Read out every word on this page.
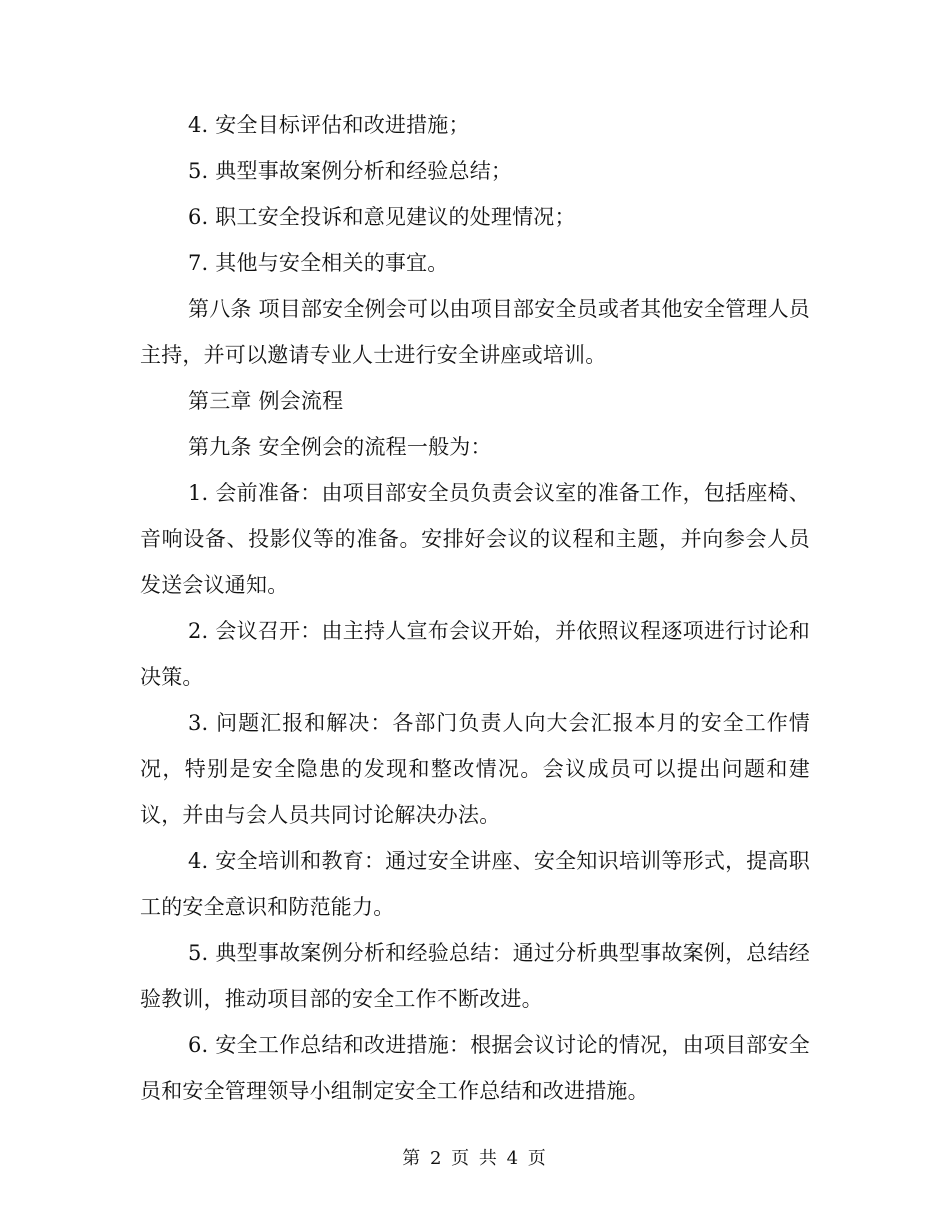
4. 安全目标评估和改进措施；

5. 典型事故案例分析和经验总结；

6. 职工安全投诉和意见建议的处理情况；

7. 其他与安全相关的事宜。

第八条 项目部安全例会可以由项目部安全员或者其他安全管理人员主持，并可以邀请专业人士进行安全讲座或培训。

第三章 例会流程

第九条 安全例会的流程一般为：

1. 会前准备：由项目部安全员负责会议室的准备工作，包括座椅、音响设备、投影仪等的准备。安排好会议的议程和主题，并向参会人员发送会议通知。

2. 会议召开：由主持人宣布会议开始，并依照议程逐项进行讨论和决策。

3. 问题汇报和解决：各部门负责人向大会汇报本月的安全工作情况，特别是安全隐患的发现和整改情况。会议成员可以提出问题和建议，并由与会人员共同讨论解决办法。

4. 安全培训和教育：通过安全讲座、安全知识培训等形式，提高职工的安全意识和防范能力。

5. 典型事故案例分析和经验总结：通过分析典型事故案例，总结经验教训，推动项目部的安全工作不断改进。

6. 安全工作总结和改进措施：根据会议讨论的情况，由项目部安全员和安全管理领导小组制定安全工作总结和改进措施。

第 2 页 共 4 页
